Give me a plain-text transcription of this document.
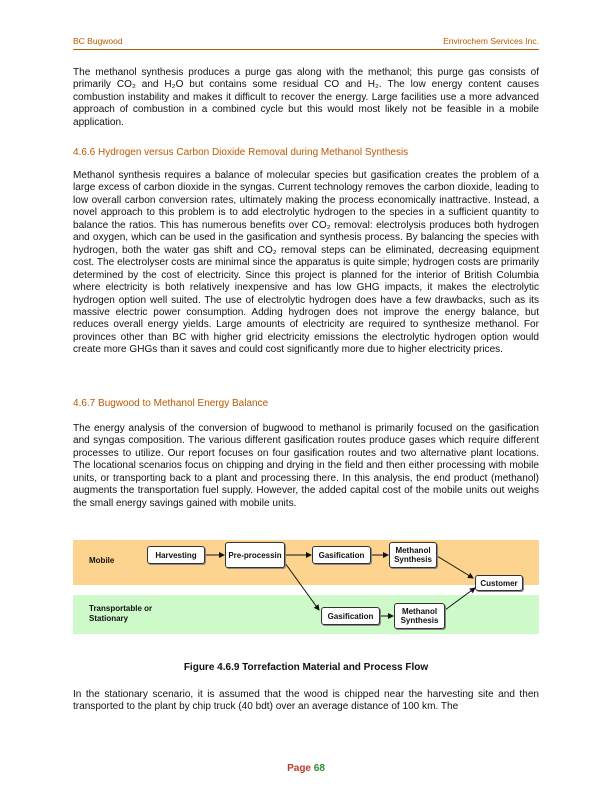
BC Bugwood	Envirochem Services Inc.

The methanol synthesis produces a purge gas along with the methanol; this purge gas consists of primarily CO₂ and H₂O but contains some residual CO and H₂. The low energy content causes combustion instability and makes it difficult to recover the energy. Large facilities use a more advanced approach of combustion in a combined cycle but this would most likely not be feasible in a mobile application.

4.6.6 Hydrogen versus Carbon Dioxide Removal during Methanol Synthesis

Methanol synthesis requires a balance of molecular species but gasification creates the problem of a large excess of carbon dioxide in the syngas. Current technology removes the carbon dioxide, leading to low overall carbon conversion rates, ultimately making the process economically inattractive. Instead, a novel approach to this problem is to add electrolytic hydrogen to the species in a sufficient quantity to balance the ratios. This has numerous benefits over CO₂ removal: electrolysis produces both hydrogen and oxygen, which can be used in the gasification and synthesis process. By balancing the species with hydrogen, both the water gas shift and CO₂ removal steps can be eliminated, decreasing equipment cost. The electrolyser costs are minimal since the apparatus is quite simple; hydrogen costs are primarily determined by the cost of electricity. Since this project is planned for the interior of British Columbia where electricity is both relatively inexpensive and has low GHG impacts, it makes the electrolytic hydrogen option well suited. The use of electrolytic hydrogen does have a few drawbacks, such as its massive electric power consumption. Adding hydrogen does not improve the energy balance, but reduces overall energy yields. Large amounts of electricity are required to synthesize methanol. For provinces other than BC with higher grid electricity emissions the electrolytic hydrogen option would create more GHGs than it saves and could cost significantly more due to higher electricity prices.

4.6.7 Bugwood to Methanol Energy Balance

The energy analysis of the conversion of bugwood to methanol is primarily focused on the gasification and syngas composition. The various different gasification routes produce gases which require different processes to utilize. Our report focuses on four gasification routes and two alternative plant locations. The locational scenarios focus on chipping and drying in the field and then either processing with mobile units, or transporting back to a plant and processing there. In this analysis, the end product (methanol) augments the transportation fuel supply. However, the added capital cost of the mobile units out weighs the small energy savings gained with mobile units.

Mobile
Transportable or Stationary
Harvesting	Pre-processin	Gasification	Methanol Synthesis
Customer
Gasification	Methanol Synthesis
Figure 4.6.9 Torrefaction Material and Process Flow

In the stationary scenario, it is assumed that the wood is chipped near the harvesting site and then transported to the plant by chip truck (40 bdt) over an average distance of 100 km. The

Page 68
